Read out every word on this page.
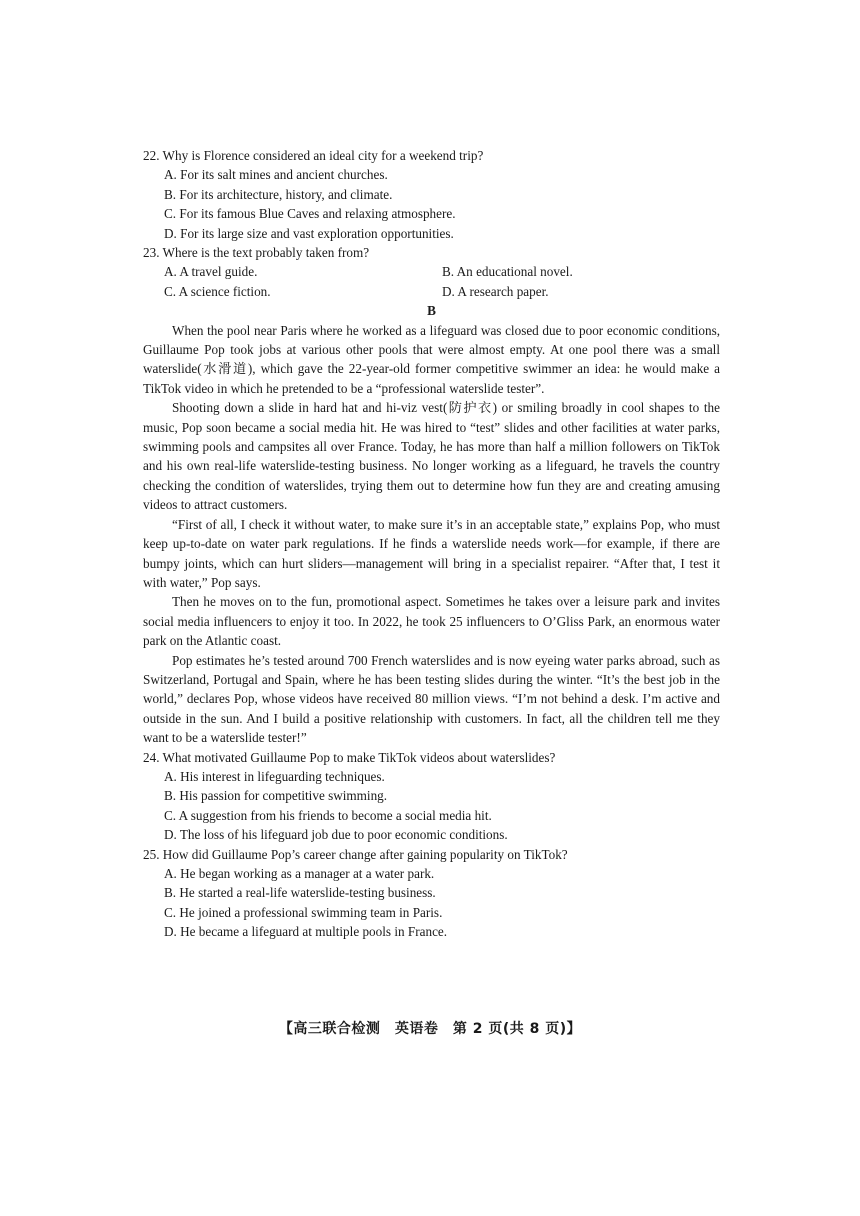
22. Why is Florence considered an ideal city for a weekend trip?

A. For its salt mines and ancient churches.

B. For its architecture, history, and climate.

C. For its famous Blue Caves and relaxing atmosphere.

D. For its large size and vast exploration opportunities.

23. Where is the text probably taken from?

A. A travel guide.	B. An educational novel.

C. A science fiction.	D. A research paper.

B

When the pool near Paris where he worked as a lifeguard was closed due to poor economic conditions, Guillaume Pop took jobs at various other pools that were almost empty. At one pool there was a small waterslide(水滑道), which gave the 22-year-old former competitive swimmer an idea: he would make a TikTok video in which he pretended to be a “professional waterslide tester”.

Shooting down a slide in hard hat and hi-viz vest(防护衣) or smiling broadly in cool shapes to the music, Pop soon became a social media hit. He was hired to “test” slides and other facilities at water parks, swimming pools and campsites all over France. Today, he has more than half a million followers on TikTok and his own real-life waterslide-testing business. No longer working as a lifeguard, he travels the country checking the condition of waterslides, trying them out to determine how fun they are and creating amusing videos to attract customers.

“First of all, I check it without water, to make sure it’s in an acceptable state,” explains Pop, who must keep up-to-date on water park regulations. If he finds a waterslide needs work—for example, if there are bumpy joints, which can hurt sliders—management will bring in a specialist repairer. “After that, I test it with water,” Pop says.

Then he moves on to the fun, promotional aspect. Sometimes he takes over a leisure park and invites social media influencers to enjoy it too. In 2022, he took 25 influencers to O’Gliss Park, an enormous water park on the Atlantic coast.

Pop estimates he’s tested around 700 French waterslides and is now eyeing water parks abroad, such as Switzerland, Portugal and Spain, where he has been testing slides during the winter. “It’s the best job in the world,” declares Pop, whose videos have received 80 million views. “I’m not behind a desk. I’m active and outside in the sun. And I build a positive relationship with customers. In fact, all the children tell me they want to be a waterslide tester!”

24. What motivated Guillaume Pop to make TikTok videos about waterslides?

A. His interest in lifeguarding techniques.

B. His passion for competitive swimming.

C. A suggestion from his friends to become a social media hit.

D. The loss of his lifeguard job due to poor economic conditions.

25. How did Guillaume Pop’s career change after gaining popularity on TikTok?

A. He began working as a manager at a water park.

B. He started a real-life waterslide-testing business.

C. He joined a professional swimming team in Paris.

D. He became a lifeguard at multiple pools in France.

【高三联合检测　英语卷　第 2 页(共 8 页)】
